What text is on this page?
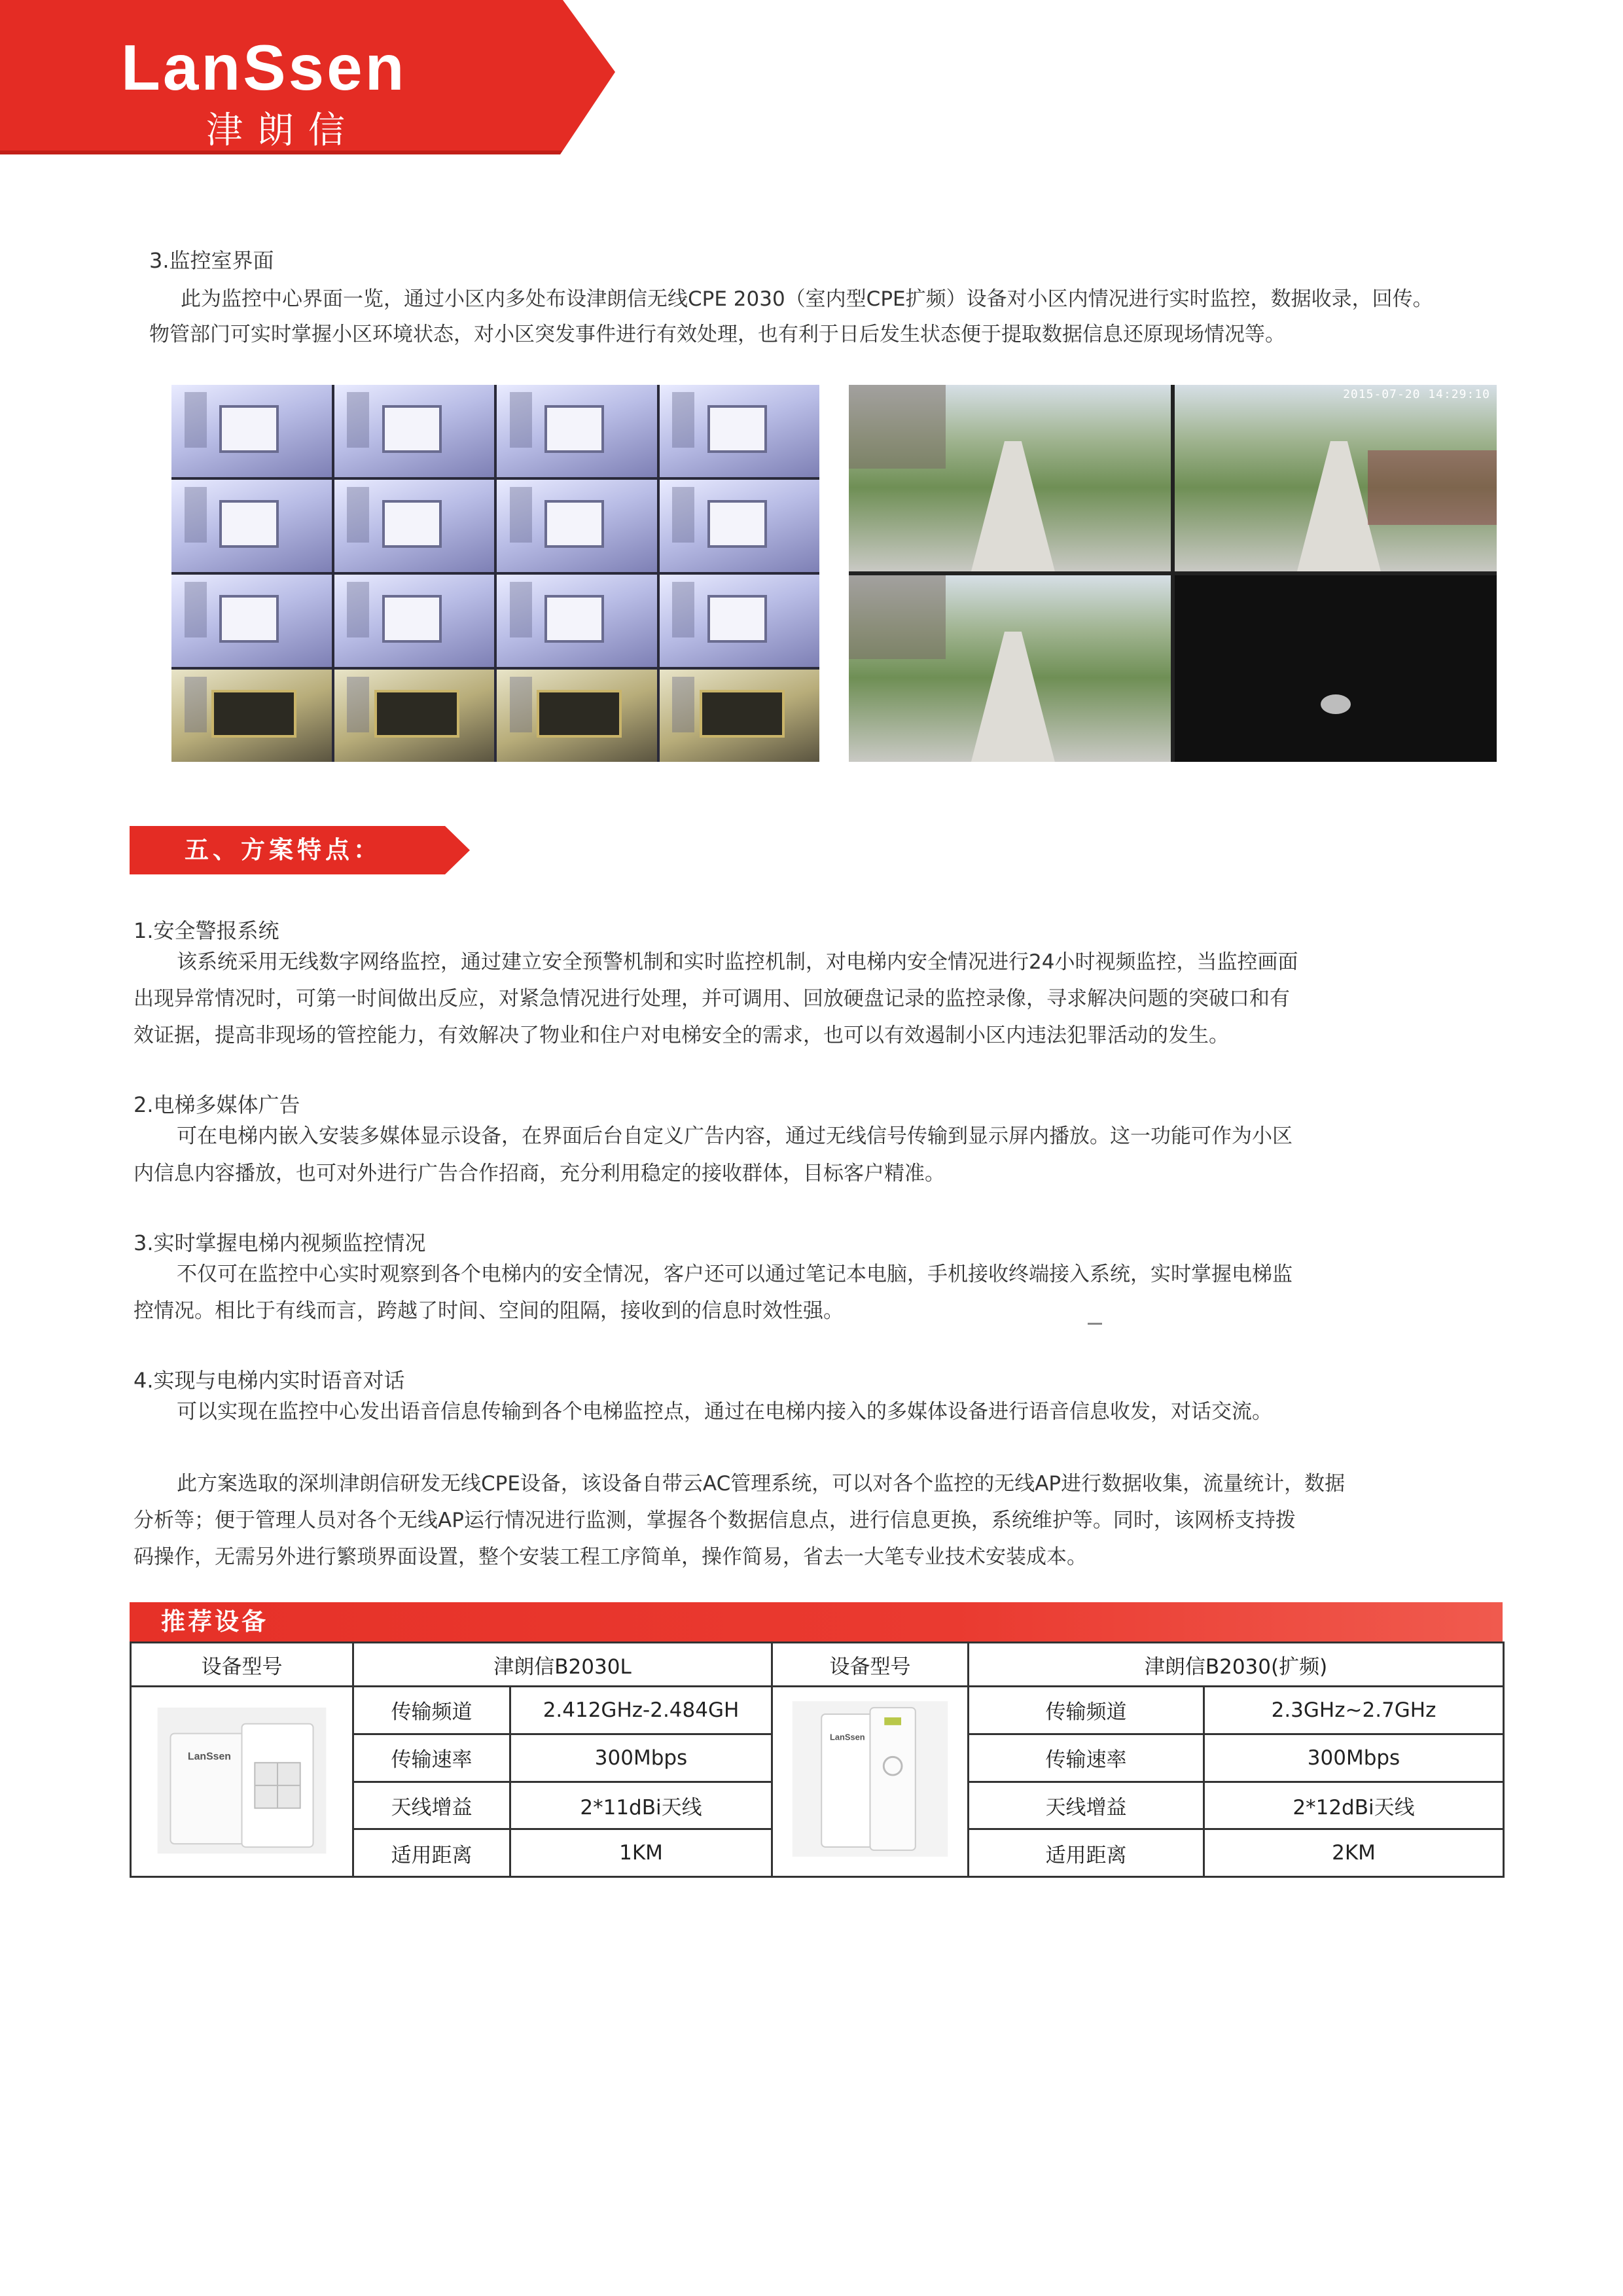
LanSsen
津朗信

3.监控室界面

此为监控中心界面一览，通过小区内多处布设津朗信无线CPE 2030（室内型CPE扩频）设备对小区内情况进行实时监控，数据收录，回传。

物管部门可实时掌握小区环境状态，对小区突发事件进行有效处理，也有利于日后发生状态便于提取数据信息还原现场情况等。

2015-07-20 14:29:10
五、方案特点：

1.安全警报系统

该系统采用无线数字网络监控，通过建立安全预警机制和实时监控机制，对电梯内安全情况进行24小时视频监控，当监控画面

出现异常情况时，可第一时间做出反应，对紧急情况进行处理，并可调用、回放硬盘记录的监控录像，寻求解决问题的突破口和有

效证据，提高非现场的管控能力，有效解决了物业和住户对电梯安全的需求，也可以有效遏制小区内违法犯罪活动的发生。

2.电梯多媒体广告

可在电梯内嵌入安装多媒体显示设备，在界面后台自定义广告内容，通过无线信号传输到显示屏内播放。这一功能可作为小区

内信息内容播放，也可对外进行广告合作招商，充分利用稳定的接收群体，目标客户精准。

3.实时掌握电梯内视频监控情况

不仅可在监控中心实时观察到各个电梯内的安全情况，客户还可以通过笔记本电脑，手机接收终端接入系统，实时掌握电梯监

控情况。相比于有线而言，跨越了时间、空间的阻隔，接收到的信息时效性强。

4.实现与电梯内实时语音对话

可以实现在监控中心发出语音信息传输到各个电梯监控点，通过在电梯内接入的多媒体设备进行语音信息收发，对话交流。

此方案选取的深圳津朗信研发无线CPE设备，该设备自带云AC管理系统，可以对各个监控的无线AP进行数据收集，流量统计，数据

分析等；便于管理人员对各个无线AP运行情况进行监测，掌握各个数据信息点，进行信息更换，系统维护等。同时，该网桥支持拨

码操作，无需另外进行繁琐界面设置，整个安装工程工序简单，操作简易，省去一大笔专业技术安装成本。

推荐设备
设备型号	津朗信B2030L		设备型号	津朗信B2030(扩频)	

LanSsen	传输频道	2.412GHz-2.484GH	LanSsen	传输频道	2.3GHz~2.7GHz
	传输速率	300Mbps		传输速率	300Mbps
	天线增益	2*11dBi天线		天线增益	2*12dBi天线
	适用距离	1KM		适用距离	2KM
